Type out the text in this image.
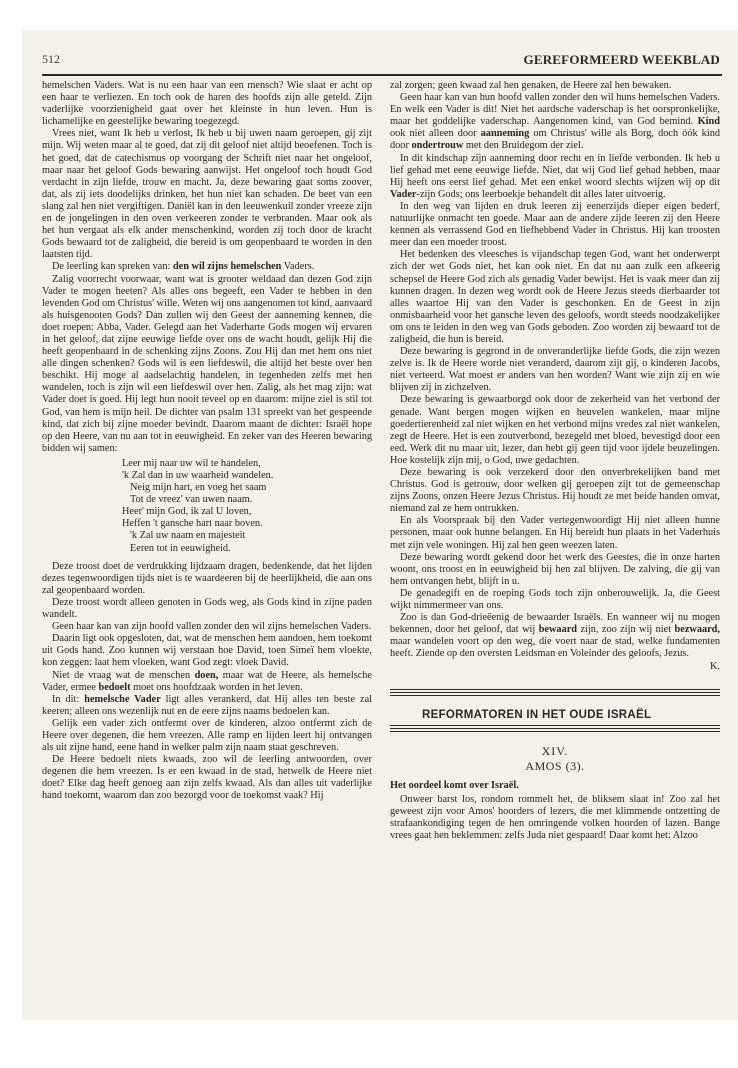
512	GEREFORMEERD WEEKBLAD

hemelschen Vaders. Wat is nu een haar van een mensch? Wie slaat er acht op een haar te verliezen. En toch ook de haren des hoofds zijn alle geteld. Zijn vaderlijke voorzienigheid gaat over het kleinste in hun leven. Hun is lichamelijke en geestelijke bewaring toegezegd.

Vrees niet, want Ik heb u verlost, Ik heb u bij uwen naam geroepen, gij zijt mijn. Wij weten maar al te goed, dat zij dit geloof niet altijd beoefenen. Toch is het goed, dat de catechismus op voorgang der Schrift niet naar het ongeloof, maar naar het geloof Gods bewaring aanwijst. Het ongeloof toch houdt God verdacht in zijn liefde, trouw en macht. Ja, deze bewaring gaat soms zoover, dat, als zij iets doodelijks drinken, het hun niet kan schaden. De beet van een slang zal hen niet vergiftigen. Daniël kan in den leeuwenkuil zonder vreeze zijn en de jongelingen in den oven verkeeren zonder te verbranden. Maar ook als het hun vergaat als elk ander menschenkind, worden zij toch door de kracht Gods bewaard tot de zaligheid, die bereid is om geopenbaard te worden in den laatsten tijd.

De leerling kan spreken van: den wil zijns hemelschen Vaders.

Zalig voorrecht voorwaar, want wat is grooter weldaad dan dezen God zijn Vader te mogen heeten? Als alles ons begeeft, een Vader te hebben in den levenden God om Christus' wille. Weten wij ons aangenomen tot kind, aanvaard als huisgenooten Gods? Dan zullen wij den Geest der aanneming kennen, die doet roepen: Abba, Vader. Gelegd aan het Vaderharte Gods mogen wij ervaren in het geloof, dat zijne eeuwige liefde over ons de wacht houdt, gelijk Hij die heeft geopenbaard in de schenking zijns Zoons. Zou Hij dan met hem ons niet alle dingen schenken? Gods wil is een liefdeswil, die altijd het beste over hen beschikt. Hij moge al aadselachtig handelen, in tegenheden zelfs met hen wandelen, toch is zijn wil een liefdeswil over hen. Zalig, als het mag zijn: wat Vader doet is goed. Hij legt hun nooit teveel op en daarom: mijne ziel is stil tot God, van hem is mijn heil. De dichter van psalm 131 spreekt van het gespeende kind, dat zich bij zijne moeder bevindt. Daarom maant de dichter: Israël hope op den Heere, van nu aan tot in eeuwigheid. En zeker van des Heeren bewaring bidden wij samen:

Leer mij naar uw wil te handelen,
'k Zal dan in uw waarheid wandelen.
Neig mijn hart, en voeg het saam
Tot de vreez' van uwen naam.
Heer' mijn God, ik zal U loven,
Heffen 't gansche hart naar boven.
'k Zal uw naam en majesteit
Eeren tot in eeuwigheid.

Deze troost doet de verdrukking lijdzaam dragen, bedenkende, dat het lijden dezes tegenwoordigen tijds niet is te waardeeren bij de heerlijkheid, die aan ons zal geopenbaard worden.

Deze troost wordt alleen genoten in Gods weg, als Gods kind in zijne paden wandelt.

Geen haar kan van zijn hoofd vallen zonder den wil zijns hemelschen Vaders.

Daarin ligt ook opgesloten, dat, wat de menschen hem aandoen, hem toekomt uit Gods hand. Zoo kunnen wij verstaan hoe David, toen Simeï hem vloekte, kon zeggen: laat hem vloeken, want God zegt: vloek David.

Niet de vraag wat de menschen doen, maar wat de Heere, als hemelsche Vader, ermee bedoelt moet ons hoofdzaak worden in het leven.

In dit: hemelsche Vader ligt alles verankerd, dat Hij alles ten beste zal keeren; alleen ons wezenlijk nut en de eere zijns naams bedoelen kan.

Gelijk een vader zich ontfermt over de kinderen, alzoo ontfermt zich de Heere over degenen, die hem vreezen. Alle ramp en lijden leert hij ontvangen als uit zijne hand, eene hand in welker palm zijn naam staat geschreven.

De Heere bedoelt niets kwaads, zoo wil de leerling antwoorden, over degenen die hem vreezen. Is er een kwaad in de stad, hetwelk de Heere niet doet? Elke dag heeft genoeg aan zijn zelfs kwaad. Als dan alles uit vaderlijke hand toekomt, waarom dan zoo bezorgd voor de toekomst vaak? Hij

zal zorgen; geen kwaad zal hen genaken, de Heere zal hen bewaken.

Geen haar kan van hun hoofd vallen zonder den wil huns hemelschen Vaders. En welk een Vader is dit! Niet het aardsche vaderschap is het oorspronkelijke, maar het goddelijke vaderschap. Aangenomen kind, van God bemind. Kind ook niet alleen door aanneming om Christus' wille als Borg, doch óók kind door ondertrouw met den Bruidegom der ziel.

In dit kindschap zijn aanneming door recht en in liefde verbonden. Ik heb u lief gehad met eene eeuwige liefde. Niet, dat wij God lief gehad hebben, maar Hij heeft ons eerst lief gehad. Met een enkel woord slechts wijzen wij op dit Vader-zijn Gods; ons leerboekje behandelt dit alles later uitvoerig.

In den weg van lijden en druk leeren zij eenerzijds dieper eigen bederf, natuurlijke onmacht ten goede. Maar aan de andere zijde leeren zij den Heere kennen als verrassend God en liefhebbend Vader in Christus. Hij kan troosten meer dan een moeder troost.

Het bedenken des vleesches is vijandschap tegen God, want het onderwerpt zich der wet Gods niet, het kan ook niet. En dat nu aan zulk een afkeerig schepsel de Heere God zich als genadig Vader bewijst. Het is vaak meer dan zij kunnen dragen. In dezen weg wordt ook de Heere Jezus steeds dierbaarder tot alles waartoe Hij van den Vader is geschonken. En de Geest in zijn onmisbaarheid voor het gansche leven des geloofs, wordt steeds noodzakelijker om ons te leiden in den weg van Gods geboden. Zoo worden zij bewaard tot de zaligheid, die hun is bereid.

Deze bewaring is gegrond in de onveranderlijke liefde Gods, die zijn wezen zelve is. Ik de Heere worde niet veranderd, daarom zijt gij, o kinderen Jacobs, niet verteerd. Wat moest er anders van hen worden? Want wie zijn zij en wie blijven zij in zichzelven.

Deze bewaring is gewaarborgd ook door de zekerheid van het verbond der genade. Want bergen mogen wijken en heuvelen wankelen, maar mijne goedertierenheid zal niet wijken en het verbond mijns vredes zal niet wankelen, zegt de Heere. Het is een zoutverbond, bezegeld met bloed, bevestigd door een eed. Werk dit nu maar uit, lezer, dan hebt gij geen tijd voor ijdele beuzelingen. Hoe kostelijk zijn mij, o God, uwe gedachten.

Deze bewaring is ook verzekerd door den onverbrekelijken band met Christus. God is getrouw, door welken gij geroepen zijt tot de gemeenschap zijns Zoons, onzen Heere Jezus Christus. Hij houdt ze met beide handen omvat, niemand zal ze hem ontrukken.

En als Voorspraak bij den Vader vertegenwoordigt Hij niet alleen hunne personen, maar ook hunne belangen. En Hij bereidt hun plaats in het Vaderhuis met zijn vele woningen. Hij zal hen geen weezen laten.

Deze bewaring wordt gekend door het werk des Geestes, die in onze harten woont, ons troost en in eeuwigheid bij hen zal blijven. De zalving, die gij van hem ontvangen hebt, blijft in u.

De genadegift en de roeping Gods toch zijn onberouwelijk. Ja, die Geest wijkt nimmermeer van ons.

Zoo is dan God-drieëenig de bewaarder Israëls. En wanneer wij nu mogen bekennen, door het geloof, dat wij bewaard zijn, zoo zijn wij niet bezwaard, maar wandelen voort op den weg, die voert naar de stad, welke fundamenten heeft. Ziende op den oversten Leidsman en Voleinder des geloofs, Jezus.

K.

REFORMATOREN IN HET OUDE ISRAËL
XIV.
AMOS (3).
Het oordeel komt over Israël.

Onweer barst los, rondom rommelt het, de bliksem slaat in! Zoo zal het geweest zijn voor Amos' hoorders of lezers, die met klimmende ontzetting de strafaankondiging tegen de hen omringende volken hoorden of lazen. Bange vrees gaat hen beklemmen: zelfs Juda niet gespaard! Daar komt het: Alzoo
